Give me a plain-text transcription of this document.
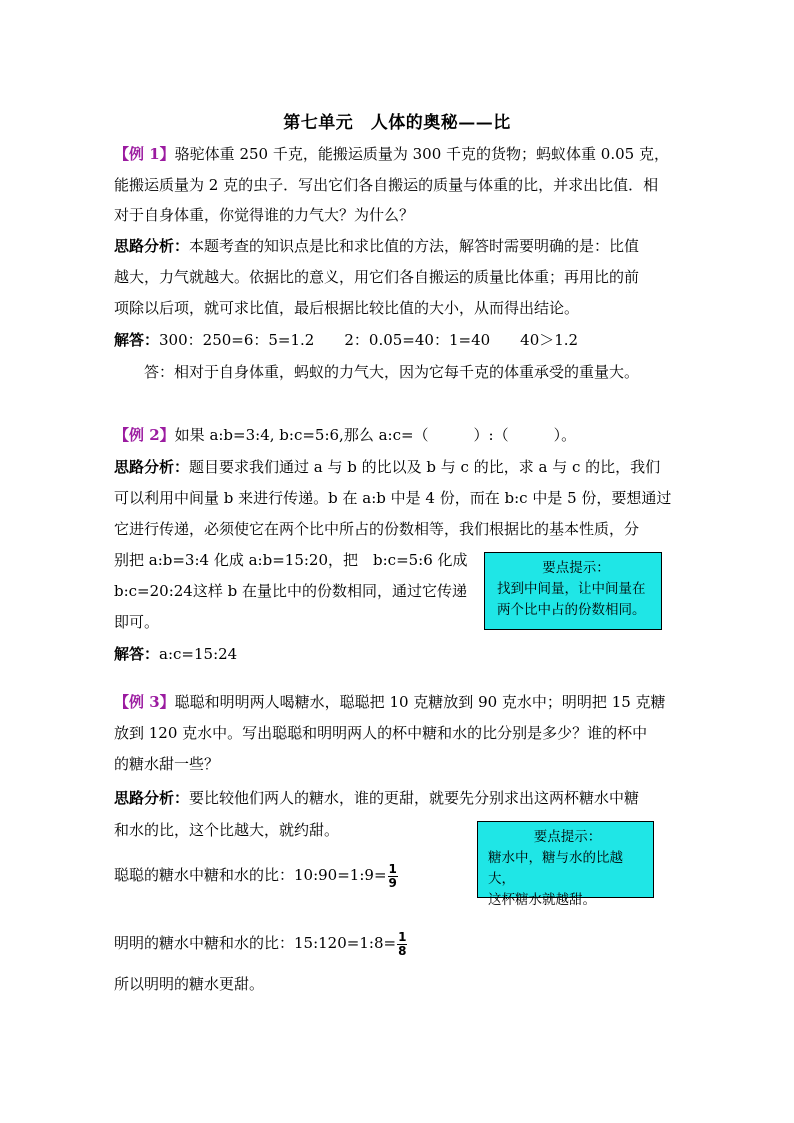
第七单元　人体的奥秘——比
【例 1】骆驼体重 250 千克，能搬运质量为 300 千克的货物；蚂蚁体重 0.05 克，
能搬运质量为 2 克的虫子．写出它们各自搬运的质量与体重的比，并求出比值．相
对于自身体重，你觉得谁的力气大？为什么？
思路分析：本题考查的知识点是比和求比值的方法，解答时需要明确的是：比值
越大，力气就越大。依据比的意义，用它们各自搬运的质量比体重；再用比的前
项除以后项，就可求比值，最后根据比较比值的大小，从而得出结论。
解答：300：250=6：5=1.2　　2：0.05=40：1=40　　40＞1.2
答：相对于自身体重，蚂蚁的力气大，因为它每千克的体重承受的重量大。
【例 2】如果 a:b=3:4, b:c=5:6,那么 a:c=（　　　）:（　　　）。
思路分析：题目要求我们通过 a 与 b 的比以及 b 与 c 的比，求 a 与 c 的比，我们
可以利用中间量 b 来进行传递。b 在 a:b 中是 4 份，而在 b:c 中是 5 份，要想通过
它进行传递，必须使它在两个比中所占的份数相等，我们根据比的基本性质，分
别把 a:b=3:4 化成 a:b=15:20，把　b:c=5:6 化成
b:c=20:24这样 b 在量比中的份数相同，通过它传递
即可。
解答：a:c=15:24
要点提示：
找到中间量，让中间量在
两个比中占的份数相同。
【例 3】聪聪和明明两人喝糖水，聪聪把 10 克糖放到 90 克水中；明明把 15 克糖
放到 120 克水中。写出聪聪和明明两人的杯中糖和水的比分别是多少？谁的杯中
的糖水甜一些？
思路分析：要比较他们两人的糖水，谁的更甜，就要先分别求出这两杯糖水中糖
和水的比，这个比越大，就约甜。	要点提示：
糖水中，糖与水的比越大，
这杯糖水就越甜。
聪聪的糖水中糖和水的比：10:90=1:9= $\frac{1}{9}$
明明的糖水中糖和水的比：15:120=1:8= $\frac{1}{8}$
所以明明的糖水更甜。
